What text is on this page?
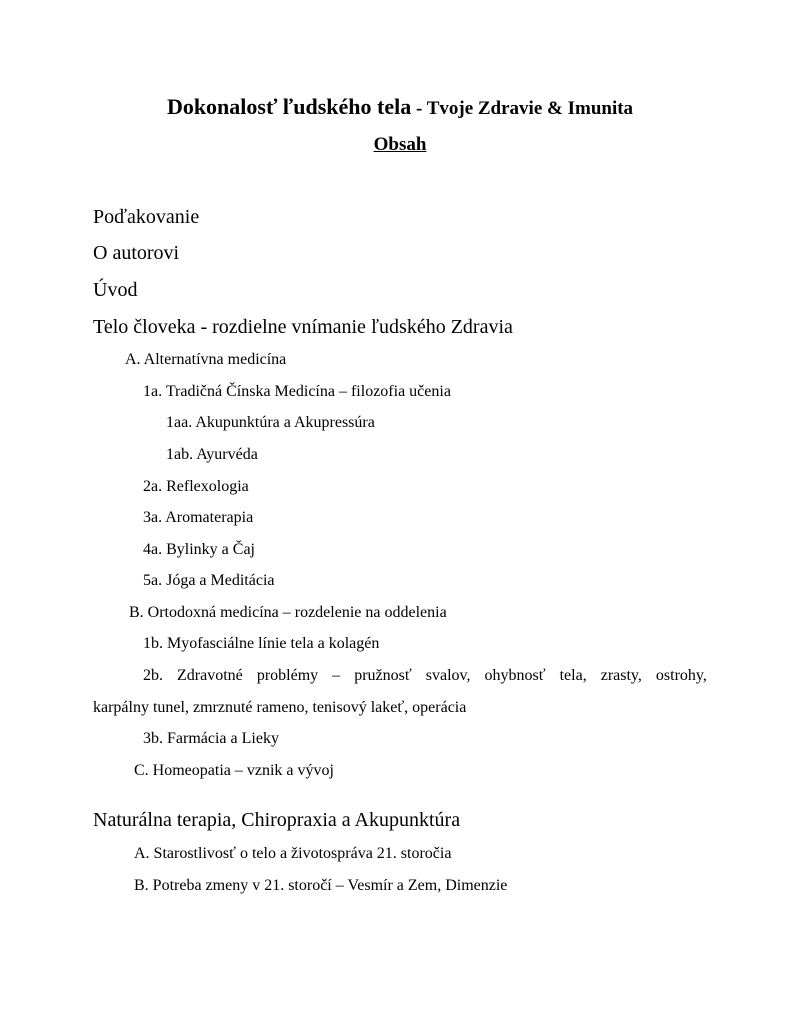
Dokonalosť ľudského tela - Tvoje Zdravie & Imunita
Obsah
Poďakovanie
O autorovi
Úvod
Telo človeka - rozdielne vnímanie ľudského Zdravia
A. Alternatívna medicína
1a. Tradičná Čínska Medicína – filozofia učenia
1aa. Akupunktúra a Akupressúra
1ab. Ayurvéda
2a. Reflexologia
3a. Aromaterapia
4a. Bylinky a Čaj
5a. Jóga a Meditácia
B. Ortodoxná medicína – rozdelenie na oddelenia
1b. Myofasciálne línie tela a kolagén
2b. Zdravotné problémy – pružnosť svalov, ohybnosť tela, zrasty, ostrohy,
karpálny tunel, zmrznuté rameno, tenisový lakeť, operácia
3b. Farmácia a Lieky
C. Homeopatia – vznik a vývoj
Naturálna terapia, Chiropraxia a Akupunktúra
A. Starostlivosť o telo a životospráva 21. storočia
B. Potreba zmeny v 21. storočí – Vesmír a Zem, Dimenzie
